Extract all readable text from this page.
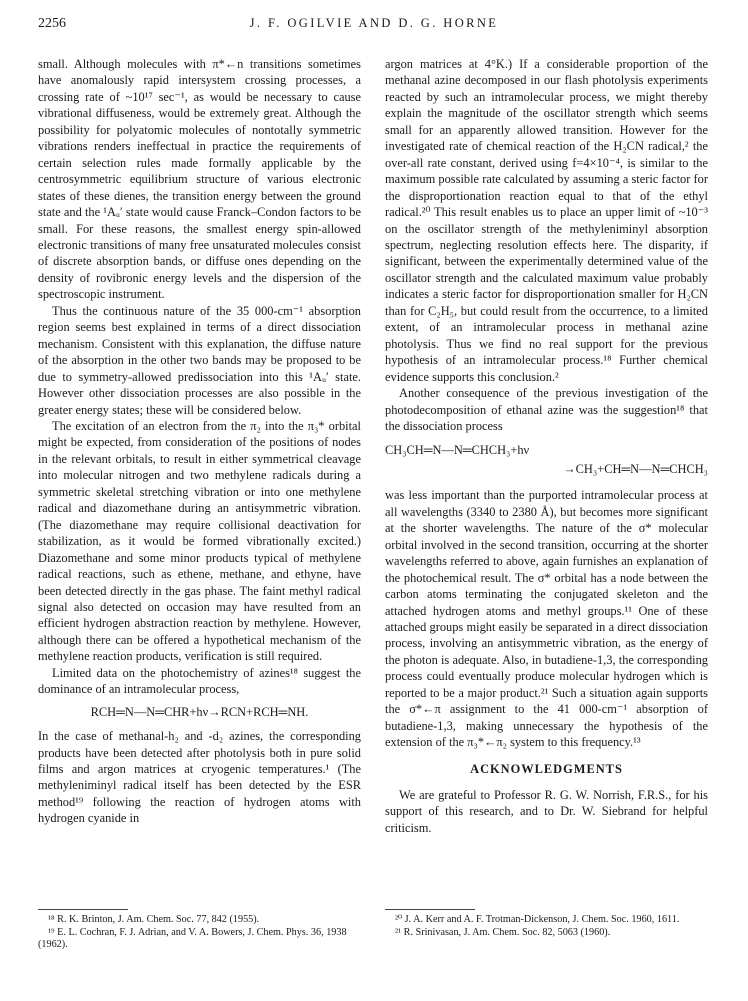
2256	J. F. OGILVIE AND D. G. HORNE

small. Although molecules with π*←n transitions sometimes have anomalously rapid intersystem crossing processes, a crossing rate of ~10¹⁷ sec⁻¹, as would be necessary to cause vibrational diffuseness, would be extremely great. Although the possibility for polyatomic molecules of nontotally symmetric vibrations renders ineffectual in practice the requirements of certain selection rules made formally applicable by the centrosymmetric equilibrium structure of various electronic states of these dienes, the transition energy between the ground state and the ¹Aᵤ′ state would cause Franck–Condon factors to be small. For these reasons, the smallest energy spin-allowed electronic transitions of many free unsaturated molecules consist of discrete absorption bands, or diffuse ones depending on the density of rovibronic energy levels and the dispersion of the spectroscopic instrument.

Thus the continuous nature of the 35 000-cm⁻¹ absorption region seems best explained in terms of a direct dissociation mechanism. Consistent with this explanation, the diffuse nature of the absorption in the other two bands may be proposed to be due to symmetry-allowed predissociation into this ¹Aᵤ′ state. However other dissociation processes are also possible in the greater energy states; these will be considered below.

The excitation of an electron from the π₂ into the π₃* orbital might be expected, from consideration of the positions of nodes in the relevant orbitals, to result in either symmetrical cleavage into molecular nitrogen and two methylene radicals during a symmetric skeletal stretching vibration or into one methylene radical and diazomethane during an antisymmetric vibration. (The diazomethane may require collisional deactivation for stabilization, as it would be formed vibrationally excited.) Diazomethane and some minor products typical of methylene radical reactions, such as ethene, methane, and ethyne, have been detected directly in the gas phase. The faint methyl radical signal also detected on occasion may have resulted from an efficient hydrogen abstraction reaction by methylene. However, although there can be offered a hypothetical mechanism of the methylene reaction products, verification is still required.

Limited data on the photochemistry of azines¹⁸ suggest the dominance of an intramolecular process,

RCH═N—N═CHR+hν→RCN+RCH═NH.

In the case of methanal-h₂ and -d₂ azines, the corresponding products have been detected after photolysis both in pure solid films and argon matrices at cryogenic temperatures.¹ (The methyleniminyl radical itself has been detected by the ESR method¹⁹ following the reaction of hydrogen atoms with hydrogen cyanide in

argon matrices at 4°K.) If a considerable proportion of the methanal azine decomposed in our flash photolysis experiments reacted by such an intramolecular process, we might thereby explain the magnitude of the oscillator strength which seems small for an apparently allowed transition. However for the investigated rate of chemical reaction of the H₂CN radical,² the over-all rate constant, derived using f=4×10⁻⁴, is similar to the maximum possible rate calculated by assuming a steric factor for the disproportionation reaction equal to that of the ethyl radical.²⁰ This result enables us to place an upper limit of ~10⁻³ on the oscillator strength of the methyleniminyl absorption spectrum, neglecting resolution effects here. The disparity, if significant, between the experimentally determined value of the oscillator strength and the calculated maximum value probably indicates a steric factor for disproportionation smaller for H₂CN than for C₂H₅, but could result from the occurrence, to a limited extent, of an intramolecular process in methanal azine photolysis. Thus we find no real support for the previous hypothesis of an intramolecular process.¹⁸ Further chemical evidence supports this conclusion.²

Another consequence of the previous investigation of the photodecomposition of ethanal azine was the suggestion¹⁸ that the dissociation process

CH₃CH═N—N═CHCH₃+hν

→CH₃+CH═N—N═CHCH₃

was less important than the purported intramolecular process at all wavelengths (3340 to 2380 Å), but becomes more significant at the shorter wavelengths. The nature of the σ* molecular orbital involved in the second transition, occurring at the shorter wavelengths referred to above, again furnishes an explanation of the photochemical result. The σ* orbital has a node between the carbon atoms terminating the conjugated skeleton and the attached hydrogen atoms and methyl groups.¹¹ One of these attached groups might easily be separated in a direct dissociation process, involving an antisymmetric vibration, as the energy of the photon is adequate. Also, in butadiene-1,3, the corresponding process could eventually produce molecular hydrogen which is reported to be a major product.²¹ Such a situation again supports the σ*←π assignment to the 41 000-cm⁻¹ absorption of butadiene-1,3, making unnecessary the hypothesis of the extension of the π₃*←π₂ system to this frequency.¹³

ACKNOWLEDGMENTS

We are grateful to Professor R. G. W. Norrish, F.R.S., for his support of this research, and to Dr. W. Siebrand for helpful criticism.

¹⁸ R. K. Brinton, J. Am. Chem. Soc. 77, 842 (1955).

¹⁹ E. L. Cochran, F. J. Adrian, and V. A. Bowers, J. Chem. Phys. 36, 1938 (1962).

²⁰ J. A. Kerr and A. F. Trotman-Dickenson, J. Chem. Soc. 1960, 1611.

²¹ R. Srinivasan, J. Am. Chem. Soc. 82, 5063 (1960).
